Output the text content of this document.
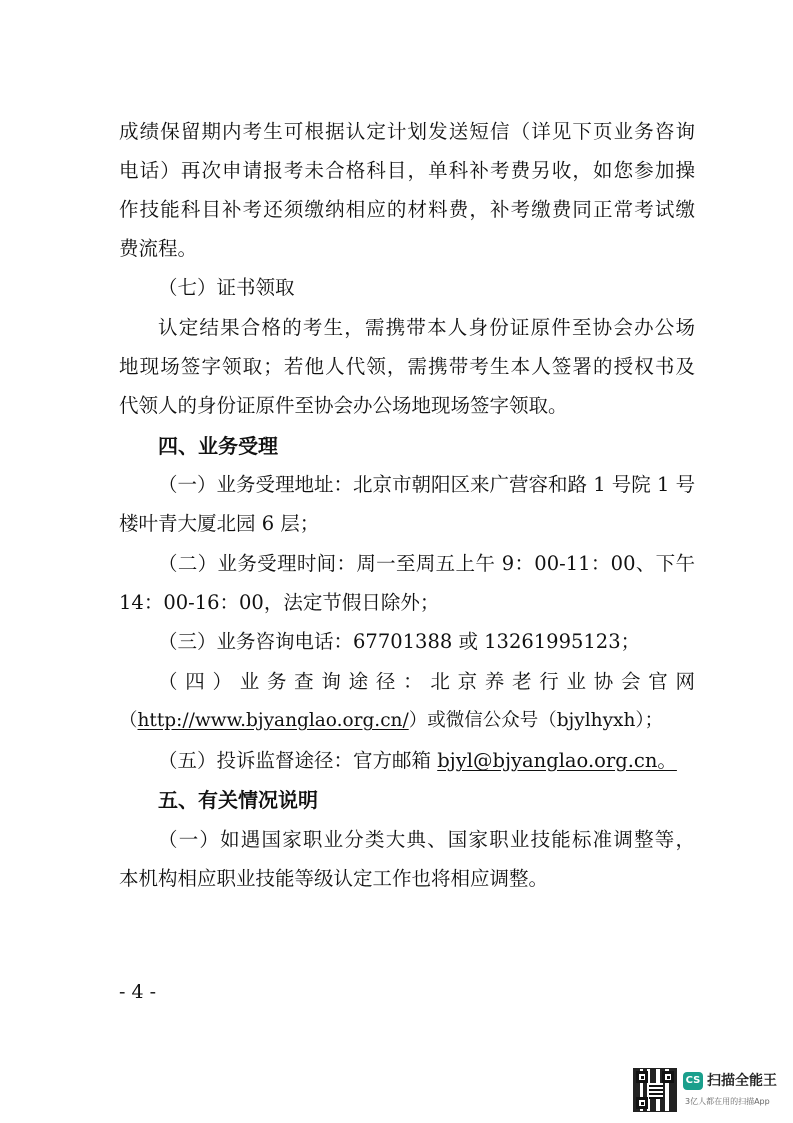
成绩保留期内考生可根据认定计划发送短信（详见下页业务咨询
电话）再次申请报考未合格科目，单科补考费另收，如您参加操
作技能科目补考还须缴纳相应的材料费，补考缴费同正常考试缴
费流程。
（七）证书领取
认定结果合格的考生，需携带本人身份证原件至协会办公场
地现场签字领取；若他人代领，需携带考生本人签署的授权书及
代领人的身份证原件至协会办公场地现场签字领取。
四、业务受理
（一）业务受理地址：北京市朝阳区来广营容和路 1 号院 1 号
楼叶青大厦北园 6 层；
（二）业务受理时间：周一至周五上午 9：00-11：00、下午
14：00-16：00，法定节假日除外；
（三）业务咨询电话：67701388 或 13261995123；
（四）业务查询途径：北京养老行业协会官网
（http://www.bjyanglao.org.cn/）或微信公众号（bjylhyxh）；
（五）投诉监督途径：官方邮箱 bjyl@bjyanglao.org.cn。
五、有关情况说明
（一）如遇国家职业分类大典、国家职业技能标准调整等，
本机构相应职业技能等级认定工作也将相应调整。
- 4 -
CS 扫描全能王
3亿人都在用的扫描App
